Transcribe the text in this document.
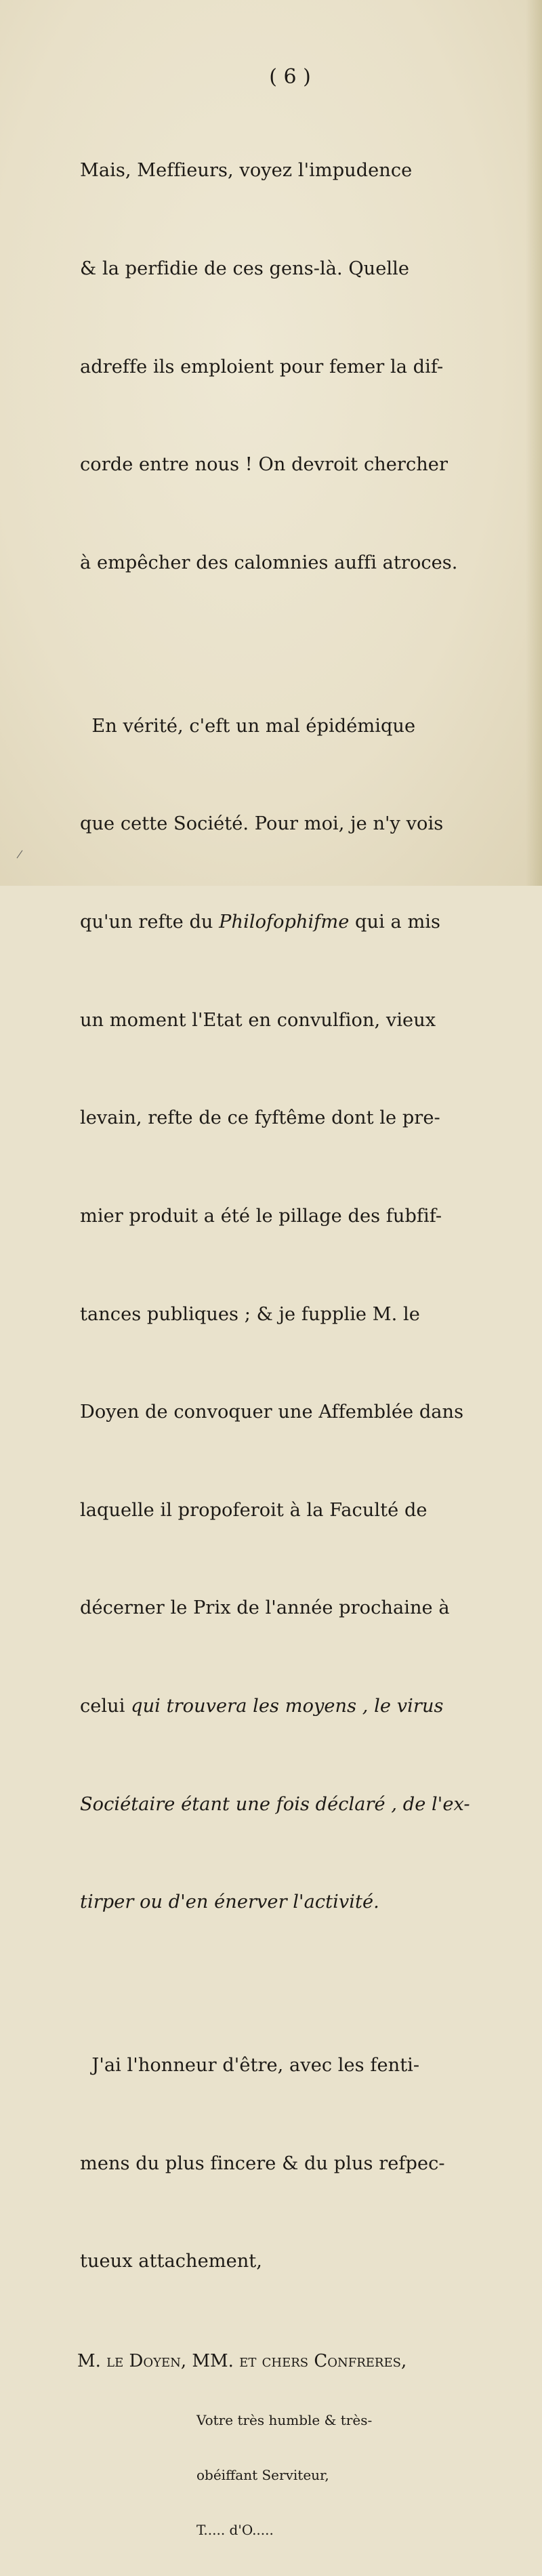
( 6 )

Mais, Meffieurs, voyez l'impudence

& la perfidie de ces gens-là. Quelle

adreffe ils emploient pour femer la dif-

corde entre nous ! On devroit chercher

à empêcher des calomnies auffi atroces.

En vérité, c'eft un mal épidémique

que cette Société. Pour moi, je n'y vois

qu'un refte du Philofophifme qui a mis

un moment l'Etat en convulfion, vieux

levain, refte de ce fyftême dont le pre-

mier produit a été le pillage des fubfif-

tances publiques ; & je fupplie M. le

Doyen de convoquer une Affemblée dans

laquelle il propoferoit à la Faculté de

décerner le Prix de l'année prochaine à

celui qui trouvera les moyens , le virus

Sociétaire étant une fois déclaré , de l'ex-

tirper ou d'en énerver l'activité.

J'ai l'honneur d'être, avec les fenti-

mens du plus fincere & du plus refpec-

tueux attachement,

M. le Doyen, MM. et chers Confreres,

Votre très humble & très-

obéiffant Serviteur,

T..... d'O.....
